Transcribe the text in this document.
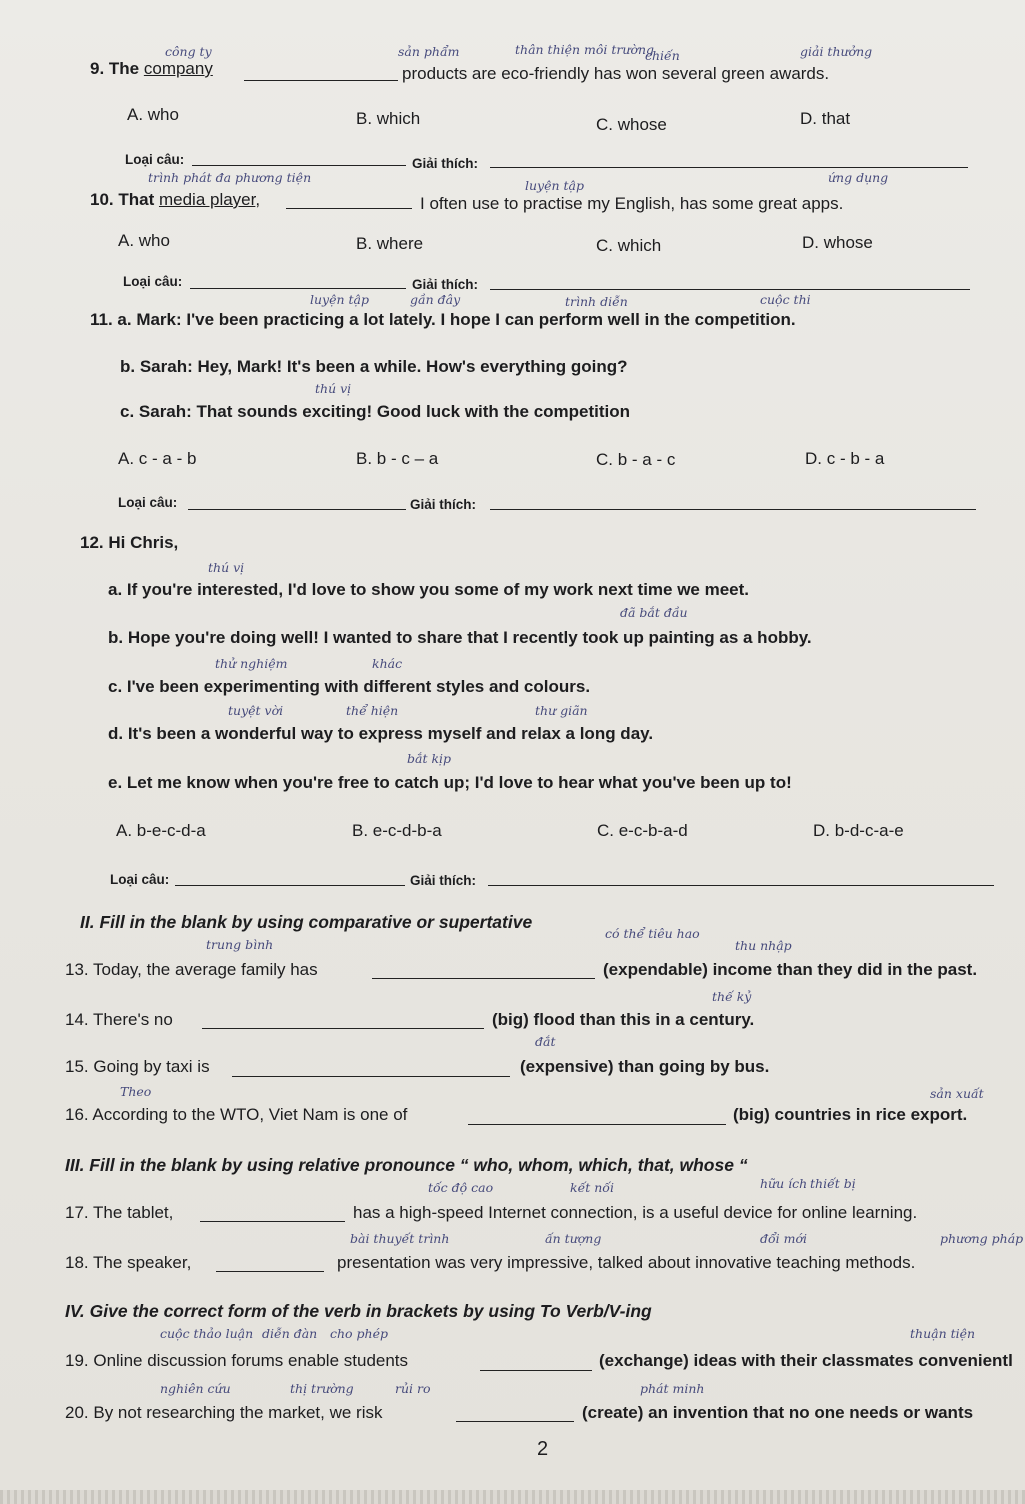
công ty	sản phẩm	thân thiện môi trường
chiến	giải thưởng
9. The company	products are eco-friendly has won several green awards.
A. who	B. which	C. whose	D. that
Loại câu:	Giải thích:
trình phát đa phương tiện
luyện tập
ứng dụng
10. That media player,	I often use to practise my English, has some great apps.
A. who	B. where	C. which	D. whose
Loại câu:	Giải thích:
luyện tập	gần đây	trình diễn	cuộc thi
11. a. Mark: I've been practicing a lot lately. I hope I can perform well in the competition.
b. Sarah: Hey, Mark! It's been a while. How's everything going?
thú vị
c. Sarah: That sounds exciting! Good luck with the competition
A. c - a - b	B. b - c – a	C. b - a - c	D. c - b - a
Loại câu:	Giải thích:
12. Hi Chris,
thú vị
a. If you're interested, I'd love to show you some of my work next time we meet.
đã bắt đầu
b. Hope you're doing well! I wanted to share that I recently took up painting as a hobby.
thử nghiệm	khác
c. I've been experimenting with different styles and colours.
tuyệt vời	thể hiện	thư giãn
d. It's been a wonderful way to express myself and relax a long day.
bắt kịp
e. Let me know when you're free to catch up; I'd love to hear what you've been up to!
A. b-e-c-d-a	B. e-c-d-b-a	C. e-c-b-a-d	D. b-d-c-a-e
Loại câu:	Giải thích:
II. Fill in the blank by using comparative or supertative
trung bình
có thể tiêu hao
thu nhập
13. Today, the average family has	(expendable) income than they did in the past.
thế kỷ
14. There's no	(big) flood than this in a century.
đắt
15. Going by taxi is	(expensive) than going by bus.
Theo	sản xuất
16. According to the WTO, Viet Nam is one of	(big) countries in rice export.
III. Fill in the blank by using relative pronounce “ who, whom, which, that, whose “
tốc độ cao	kết nối	hữu ích thiết bị
17. The tablet,	has a high-speed Internet connection, is a useful device for online learning.
bài thuyết trình	ấn tượng	đổi mới	phương pháp
18. The speaker,	presentation was very impressive, talked about innovative teaching methods.
IV. Give the correct form of the verb in brackets by using To Verb/V-ing
cuộc thảo luận diễn đàn cho phép	thuận tiện
19. Online discussion forums enable students	(exchange) ideas with their classmates convenientl
nghiên cứu	thị trường	rủi ro	phát minh
20. By not researching the market, we risk	(create) an invention that no one needs or wants
2
